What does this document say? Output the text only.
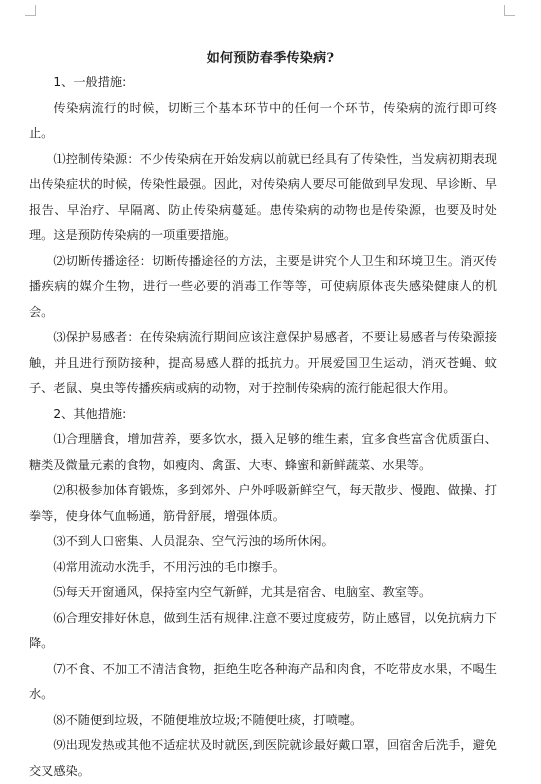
如何预防春季传染病?

1、一般措施:

传染病流行的时候，切断三个基本环节中的任何一个环节，传染病的流行即可终止。

⑴控制传染源：不少传染病在开始发病以前就已经具有了传染性，当发病初期表现出传染症状的时候，传染性最强。因此，对传染病人要尽可能做到早发现、早诊断、早报告、早治疗、早隔离、防止传染病蔓延。患传染病的动物也是传染源，也要及时处理。这是预防传染病的一项重要措施。

⑵切断传播途径：切断传播途径的方法，主要是讲究个人卫生和环境卫生。消灭传播疾病的媒介生物，进行一些必要的消毒工作等等，可使病原体丧失感染健康人的机会。

⑶保护易感者：在传染病流行期间应该注意保护易感者，不要让易感者与传染源接触，并且进行预防接种，提高易感人群的抵抗力。开展爱国卫生运动，消灭苍蝇、蚊子、老鼠、臭虫等传播疾病或病的动物，对于控制传染病的流行能起很大作用。

2、其他措施:

⑴合理膳食，增加营养，要多饮水，摄入足够的维生素，宜多食些富含优质蛋白、糖类及微量元素的食物，如瘦肉、禽蛋、大枣、蜂蜜和新鲜蔬菜、水果等。

⑵积极参加体育锻炼，多到郊外、户外呼吸新鲜空气，每天散步、慢跑、做操、打拳等，使身体气血畅通，筋骨舒展，增强体质。

⑶不到人口密集、人员混杂、空气污浊的场所休闲。

⑷常用流动水洗手，不用污浊的毛巾擦手。

⑸每天开窗通风，保持室内空气新鲜，尤其是宿舍、电脑室、教室等。

⑹合理安排好休息，做到生活有规律.注意不要过度疲劳，防止感冒，以免抗病力下降。

⑺不食、不加工不清洁食物，拒绝生吃各种海产品和肉食，不吃带皮水果，不喝生水。

⑻不随便到垃圾，不随便堆放垃圾;不随便吐痰，打喷嚏。

⑼出现发热或其他不适症状及时就医,到医院就诊最好戴口罩，回宿舍后洗手，避免交叉感染。
